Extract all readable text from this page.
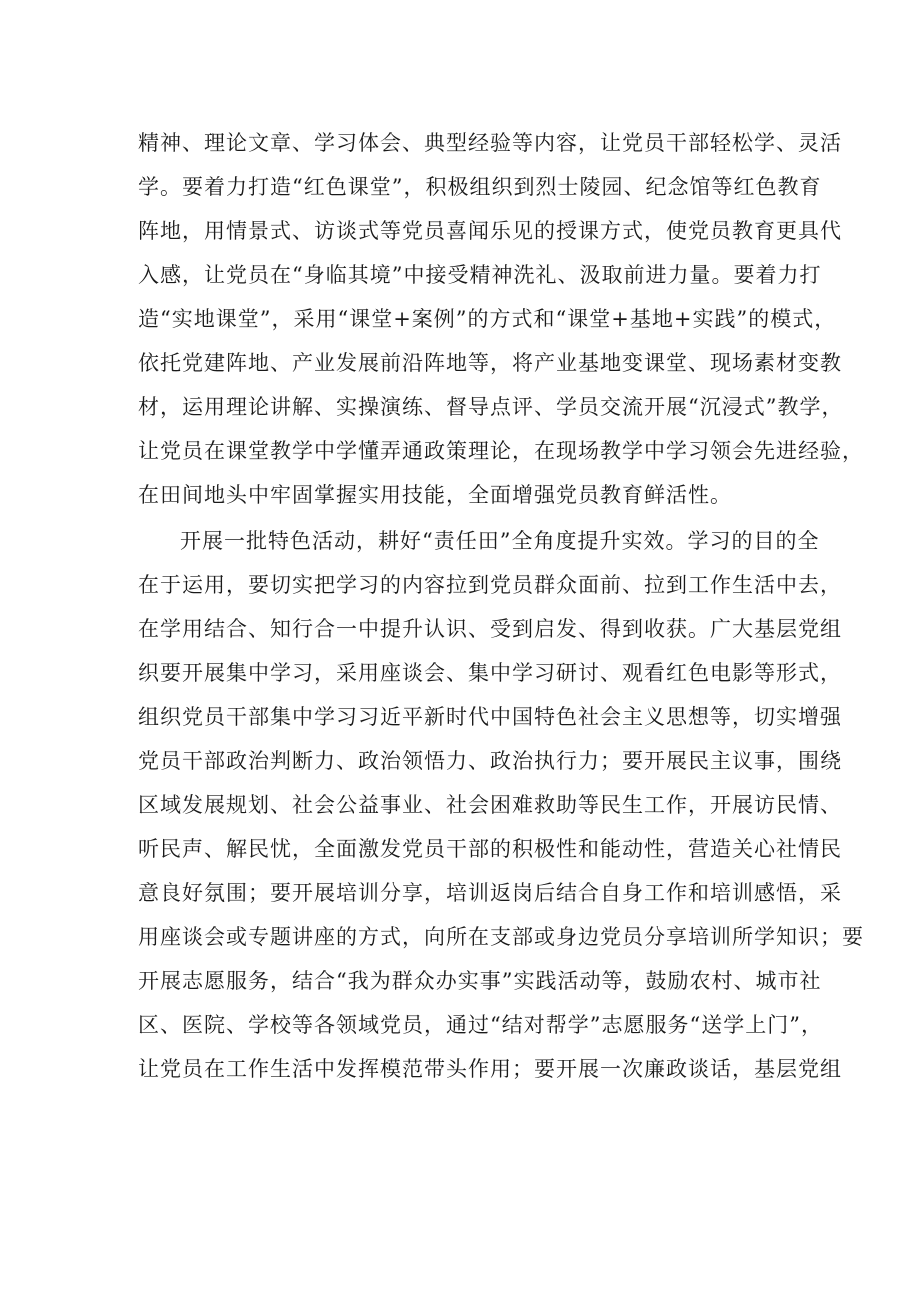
精神、理论文章、学习体会、典型经验等内容，让党员干部轻松学、灵活
学。要着力打造“红色课堂”，积极组织到烈士陵园、纪念馆等红色教育
阵地，用情景式、访谈式等党员喜闻乐见的授课方式，使党员教育更具代
入感，让党员在“身临其境”中接受精神洗礼、汲取前进力量。要着力打
造“实地课堂”，采用“课堂+案例”的方式和“课堂+基地+实践”的模式，
依托党建阵地、产业发展前沿阵地等，将产业基地变课堂、现场素材变教
材，运用理论讲解、实操演练、督导点评、学员交流开展“沉浸式”教学，
让党员在课堂教学中学懂弄通政策理论，在现场教学中学习领会先进经验，
在田间地头中牢固掌握实用技能，全面增强党员教育鲜活性。
开展一批特色活动，耕好“责任田”全角度提升实效。学习的目的全
在于运用，要切实把学习的内容拉到党员群众面前、拉到工作生活中去，
在学用结合、知行合一中提升认识、受到启发、得到收获。广大基层党组
织要开展集中学习，采用座谈会、集中学习研讨、观看红色电影等形式，
组织党员干部集中学习习近平新时代中国特色社会主义思想等，切实增强
党员干部政治判断力、政治领悟力、政治执行力；要开展民主议事，围绕
区域发展规划、社会公益事业、社会困难救助等民生工作，开展访民情、
听民声、解民忧，全面激发党员干部的积极性和能动性，营造关心社情民
意良好氛围；要开展培训分享，培训返岗后结合自身工作和培训感悟，采
用座谈会或专题讲座的方式，向所在支部或身边党员分享培训所学知识；要
开展志愿服务，结合“我为群众办实事”实践活动等，鼓励农村、城市社
区、医院、学校等各领域党员，通过“结对帮学”志愿服务“送学上门”，
让党员在工作生活中发挥模范带头作用；要开展一次廉政谈话，基层党组
